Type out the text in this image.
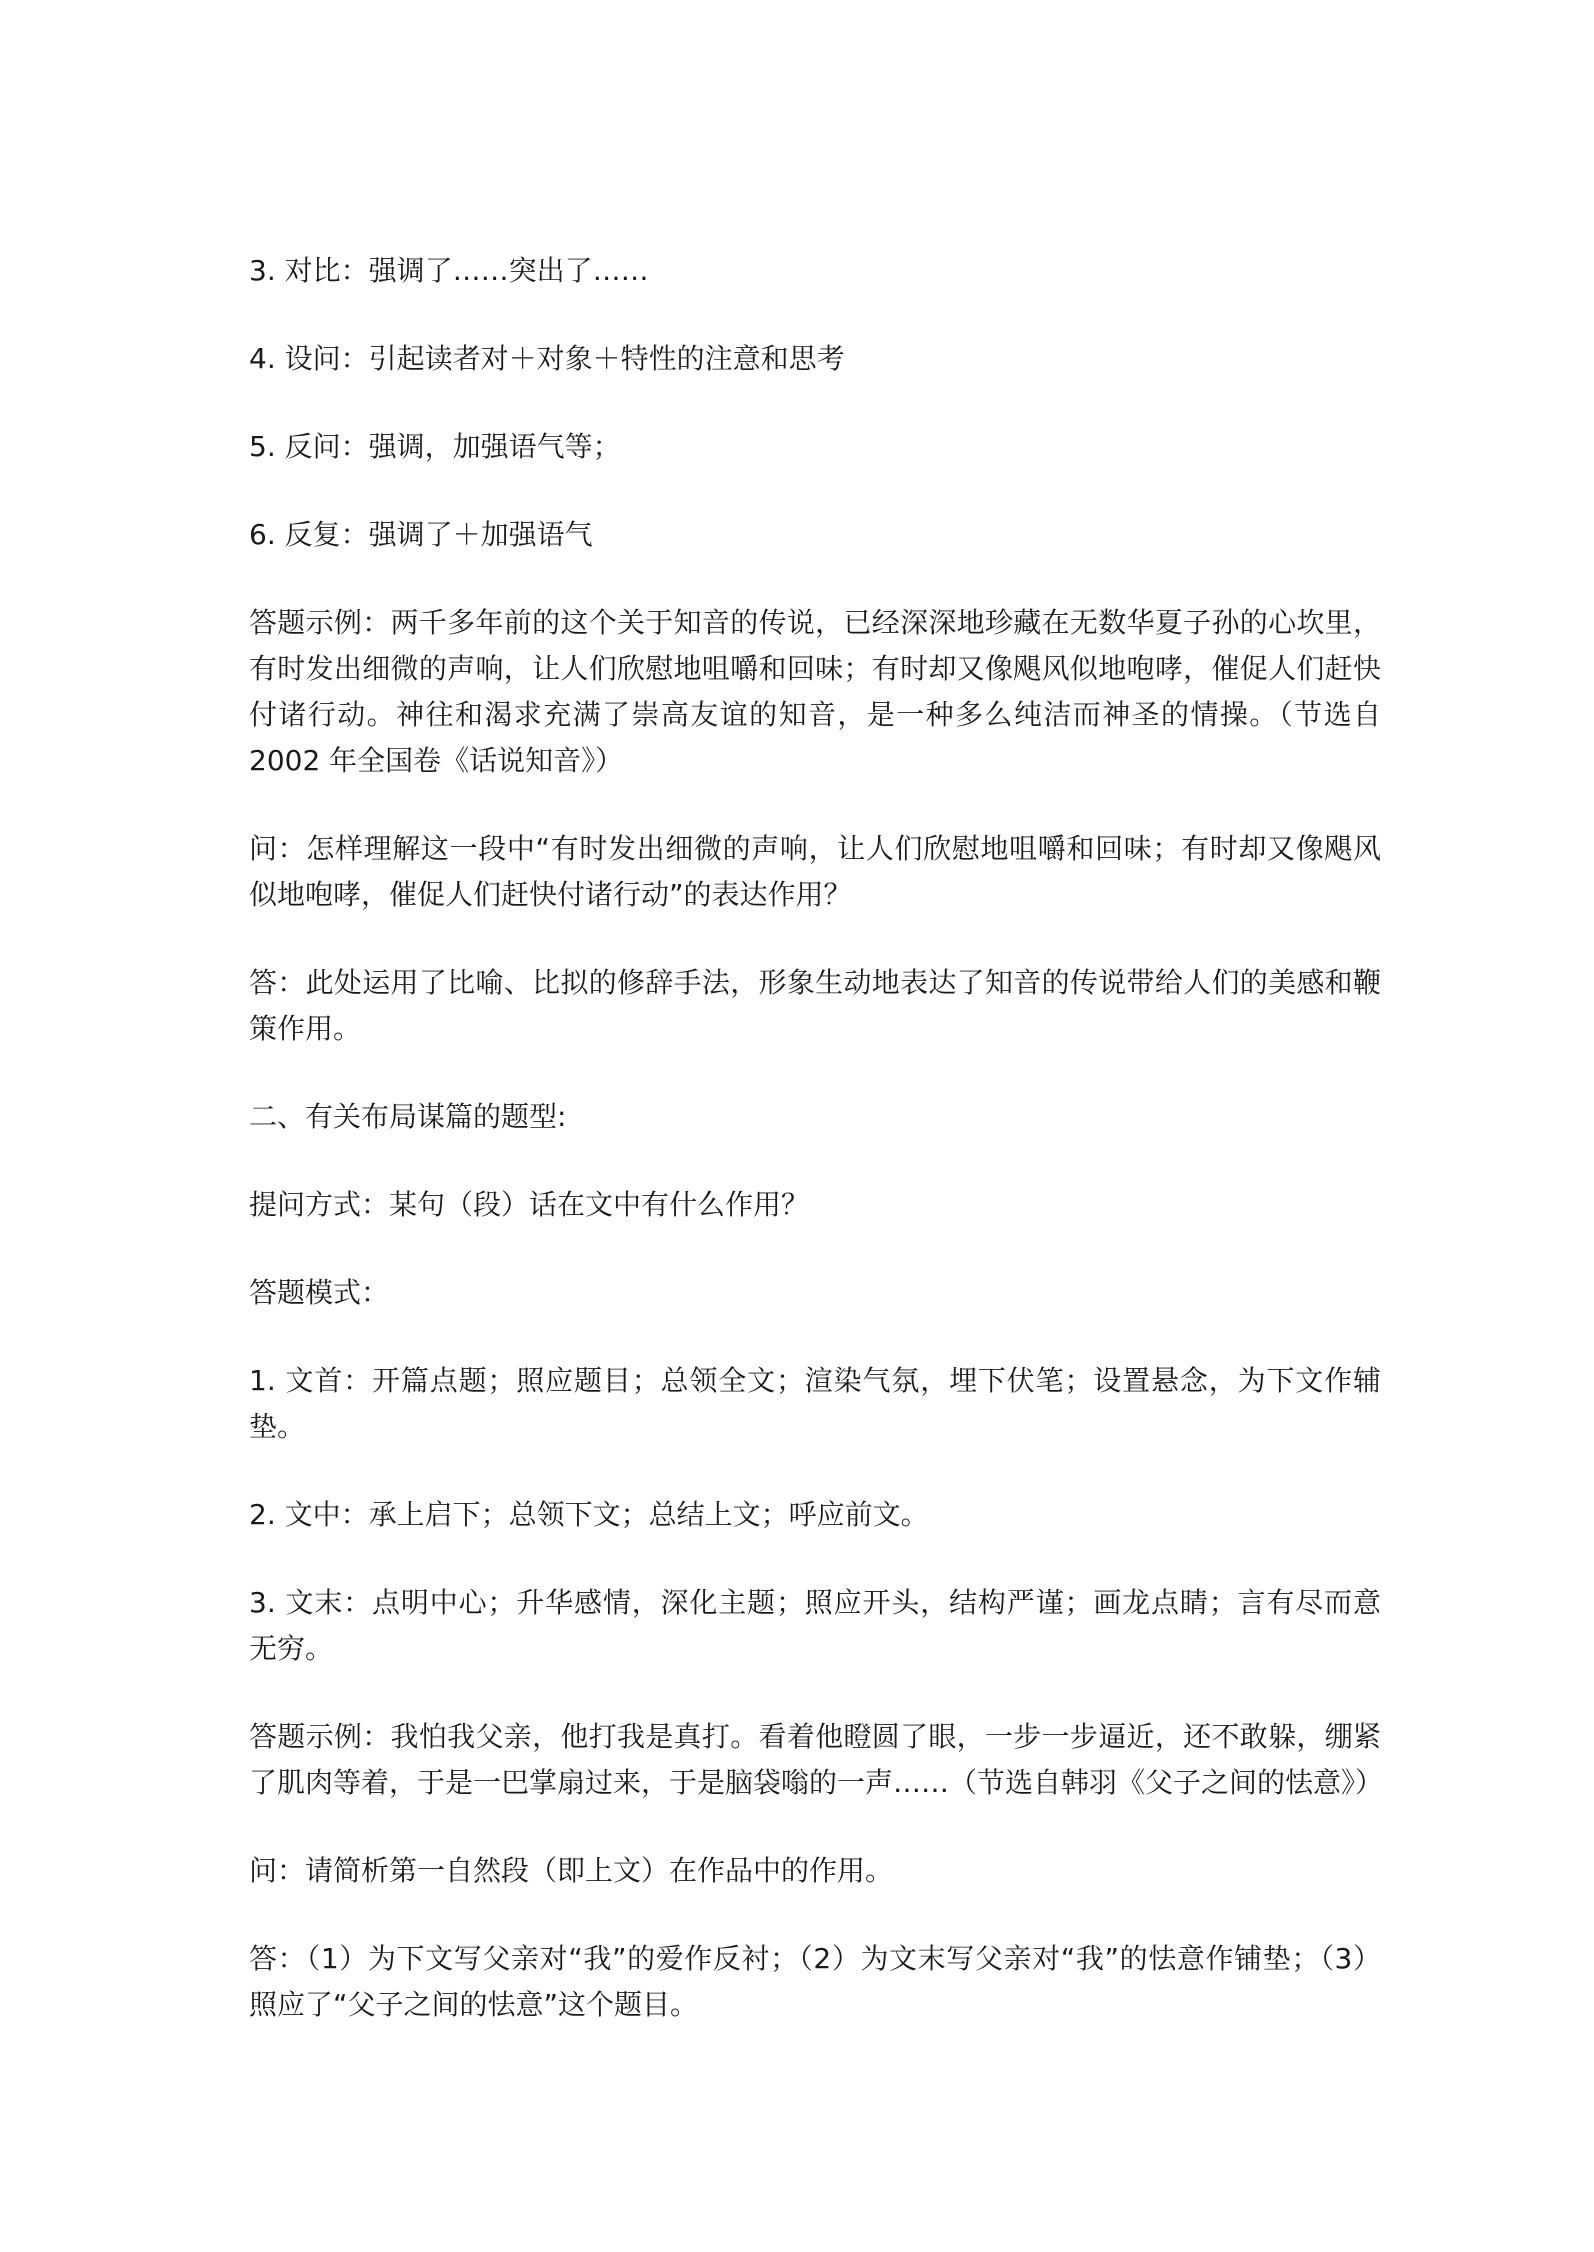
3. 对比：强调了……突出了……
4. 设问：引起读者对＋对象＋特性的注意和思考
5. 反问：强调，加强语气等；
6. 反复：强调了＋加强语气
答题示例：两千多年前的这个关于知音的传说，已经深深地珍藏在无数华夏子孙的心坎里，
有时发出细微的声响，让人们欣慰地咀嚼和回味；有时却又像飓风似地咆哮，催促人们赶快
付诸行动。神往和渴求充满了崇高友谊的知音，是一种多么纯洁而神圣的情操。（节选自
2002 年全国卷《话说知音》）
问：怎样理解这一段中“有时发出细微的声响，让人们欣慰地咀嚼和回味；有时却又像飓风
似地咆哮，催促人们赶快付诸行动”的表达作用？
答：此处运用了比喻、比拟的修辞手法，形象生动地表达了知音的传说带给人们的美感和鞭
策作用。
二、有关布局谋篇的题型:
提问方式：某句（段）话在文中有什么作用？
答题模式：
1. 文首：开篇点题；照应题目；总领全文；渲染气氛，埋下伏笔；设置悬念，为下文作辅
垫。
2. 文中：承上启下；总领下文；总结上文；呼应前文。
3. 文末：点明中心；升华感情，深化主题；照应开头，结构严谨；画龙点睛；言有尽而意
无穷。
答题示例：我怕我父亲，他打我是真打。看着他瞪圆了眼，一步一步逼近，还不敢躲，绷紧
了肌肉等着，于是一巴掌扇过来，于是脑袋嗡的一声……（节选自韩羽《父子之间的怯意》）
问：请简析第一自然段（即上文）在作品中的作用。
答：（1）为下文写父亲对“我”的爱作反衬；（2）为文末写父亲对“我”的怯意作铺垫；（3）
照应了“父子之间的怯意”这个题目。
